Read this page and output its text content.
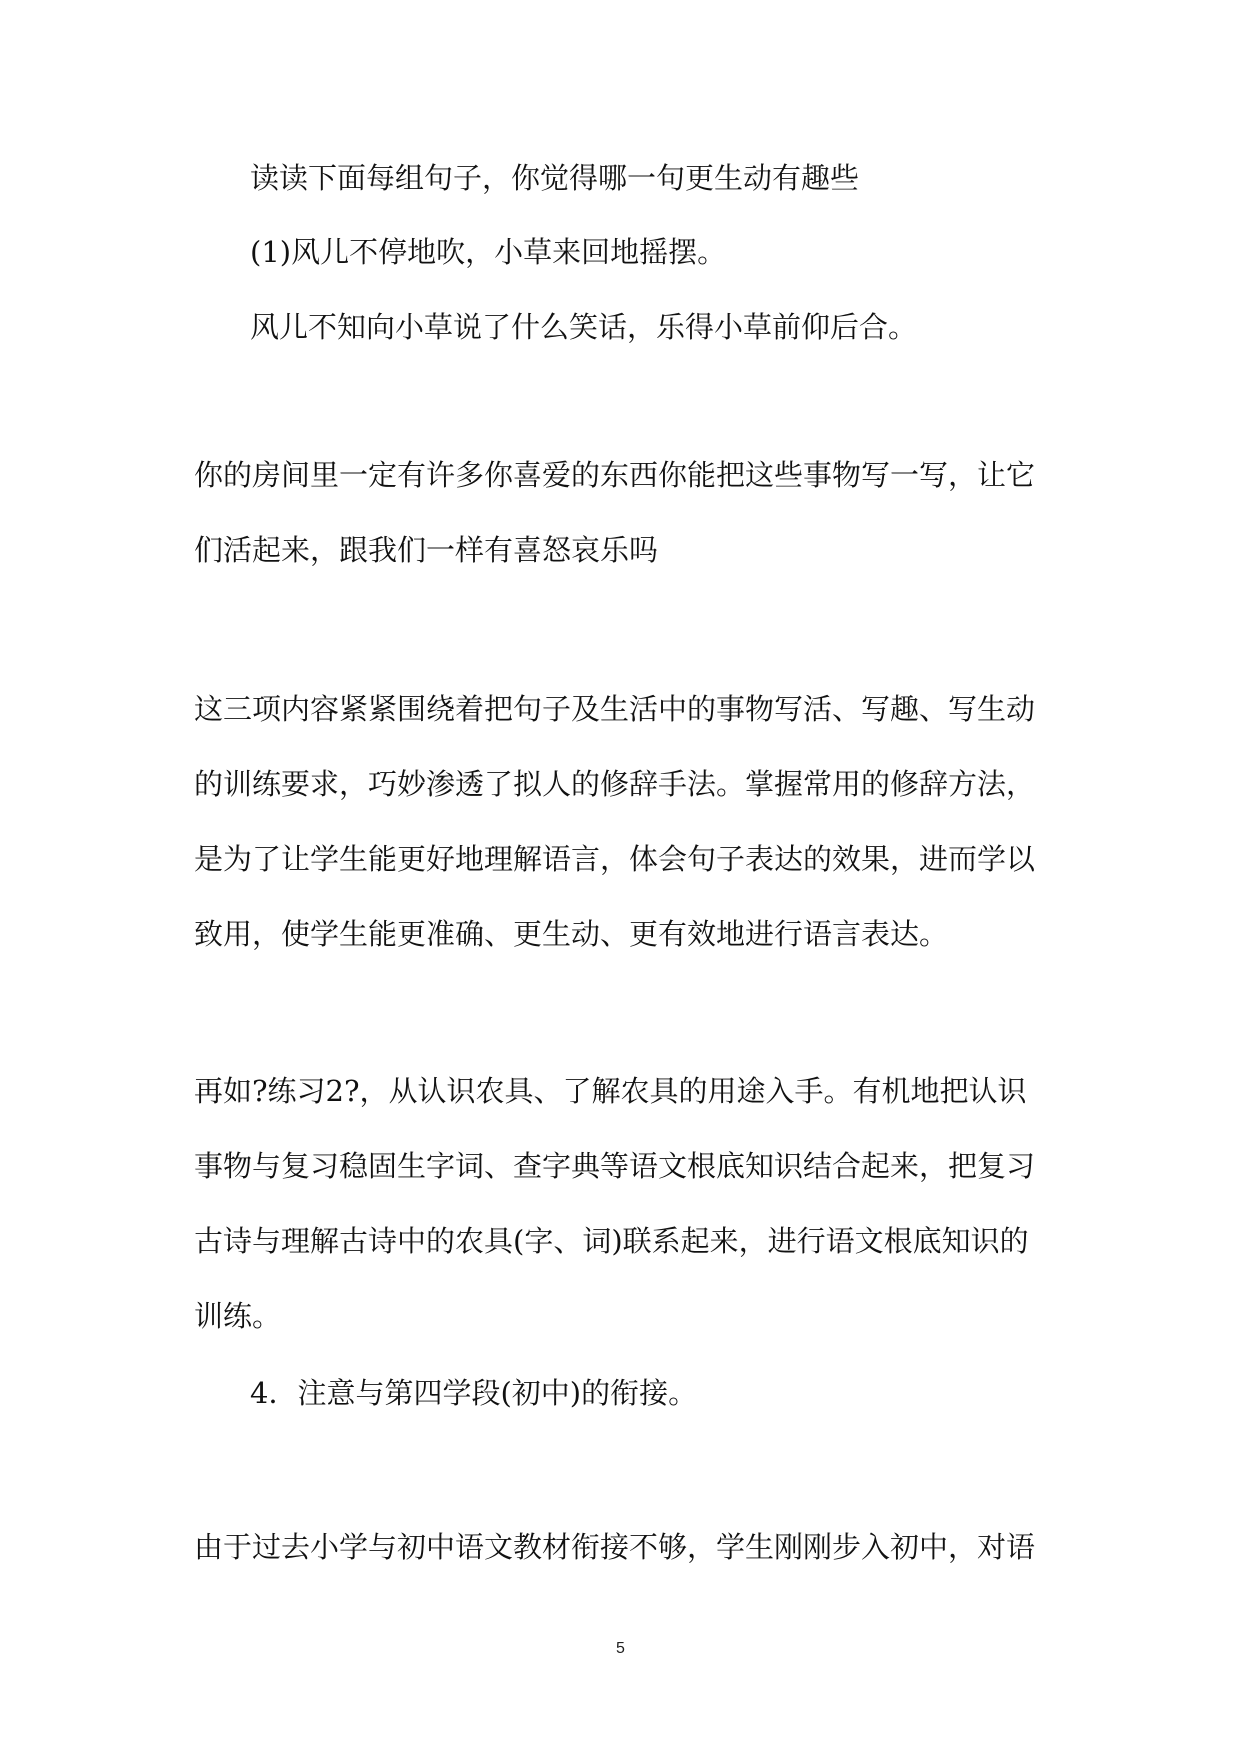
读读下面每组句子，你觉得哪一句更生动有趣些
(1)风儿不停地吹，小草来回地摇摆。
风儿不知向小草说了什么笑话，乐得小草前仰后合。
你的房间里一定有许多你喜爱的东西你能把这些事物写一写，让它
们活起来，跟我们一样有喜怒哀乐吗
这三项内容紧紧围绕着把句子及生活中的事物写活、写趣、写生动
的训练要求，巧妙渗透了拟人的修辞手法。掌握常用的修辞方法，
是为了让学生能更好地理解语言，体会句子表达的效果，进而学以
致用，使学生能更准确、更生动、更有效地进行语言表达。
再如?练习2?，从认识农具、了解农具的用途入手。有机地把认识
事物与复习稳固生字词、查字典等语文根底知识结合起来，把复习
古诗与理解古诗中的农具(字、词)联系起来，进行语文根底知识的
训练。
4．注意与第四学段(初中)的衔接。
由于过去小学与初中语文教材衔接不够，学生刚刚步入初中，对语
5
